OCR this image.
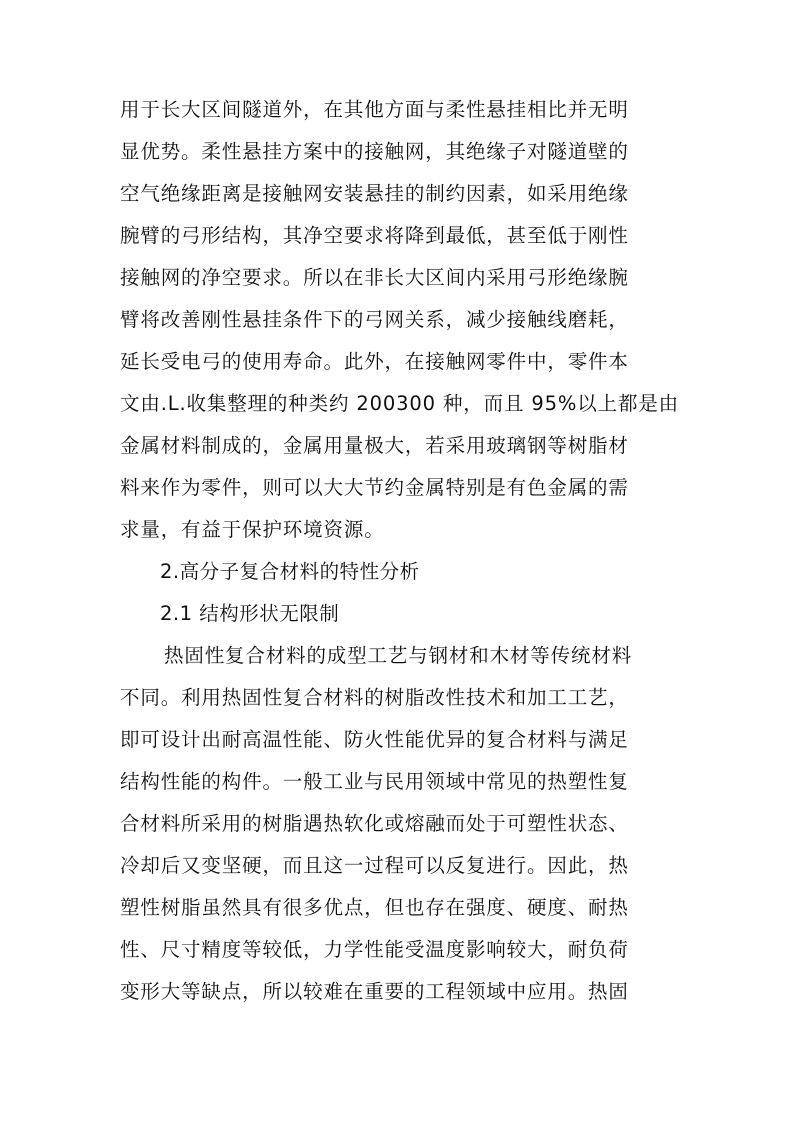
用于长大区间隧道外，在其他方面与柔性悬挂相比并无明
显优势。柔性悬挂方案中的接触网，其绝缘子对隧道壁的
空气绝缘距离是接触网安装悬挂的制约因素，如采用绝缘
腕臂的弓形结构，其净空要求将降到最低，甚至低于刚性
接触网的净空要求。所以在非长大区间内采用弓形绝缘腕
臂将改善刚性悬挂条件下的弓网关系，减少接触线磨耗，
延长受电弓的使用寿命。此外，在接触网零件中，零件本
文由.L.收集整理的种类约 200300 种，而且 95%以上都是由
金属材料制成的，金属用量极大，若采用玻璃钢等树脂材
料来作为零件，则可以大大节约金属特别是有色金属的需
求量，有益于保护环境资源。
2.高分子复合材料的特性分析
2.1 结构形状无限制
热固性复合材料的成型工艺与钢材和木材等传统材料
不同。利用热固性复合材料的树脂改性技术和加工工艺，
即可设计出耐高温性能、防火性能优异的复合材料与满足
结构性能的构件。一般工业与民用领域中常见的热塑性复
合材料所采用的树脂遇热软化或熔融而处于可塑性状态、
冷却后又变坚硬，而且这一过程可以反复进行。因此，热
塑性树脂虽然具有很多优点，但也存在强度、硬度、耐热
性、尺寸精度等较低，力学性能受温度影响较大，耐负荷
变形大等缺点，所以较难在重要的工程领域中应用。热固
